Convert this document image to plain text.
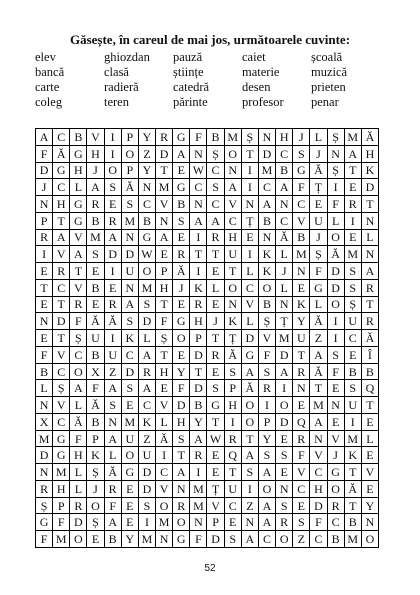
Găsește, în careul de mai jos, următoarele cuvinte:
elev	ghiozdan	pauză	caiet	școală
bancă	clasă	științe	materie	muzică
carte	radieră	catedră	desen	prieten
coleg	teren	părinte	profesor	penar
A C B V I P Y R G F B M Ș N H J L Ș M Ă
F Ă G H I O Z D A N Ș O T D C S J N A H
D G H J O P Y T E W C N I M B G Ă Ș T K
J C L A S Ă N M G C S A I C A F Ț I E D
N H G R E S C V B N C V N A N C E F R T
P T G B R M B N S A A C Ț B C V U L I N
R A V M A N G A E I R H E N Ă B J O E L
I V A S D D W E R T T U I K L M Ș Ă M N
E R T E I U O P Ă I E T L K J N F D S A
T C V B E N M H J K L O C O L E G D S R
E T R E R A S T E R E N V B N K L O Ș T
N D F Ă Ă S D F G H J K L Ș Ț Y Ă I U R
E T Ș U I K L Ș O P T Ț D V M U Z I C Ă
F V C B U C A T E D R Ă G F D T A S E Î
B C O X Z D R H Y T E S A S A R Ă F B B
L Ș A F A S A E F D S P Ă R I N T E S Q
N V L Ă S E C V D B G H O I O E M N U T
X C Ă B N M K L H Y T I O P D Q A E I E
M G F P A U Z Ă S A W R T Y E R N V M L
D G H K L O U I T R E Q A S S F V J K E
N M L Ș Ă G D C A I E T S A E V C G T V
R H L J R E D V N M Ț U I O N C H O Ă E
Ș P R O F E S O R M V C Z A S E D R T Y
G F D Ș A E I M O N P E N A R S F C B N
F M O E B Y M N G F D S A C O Z C B M O
52
